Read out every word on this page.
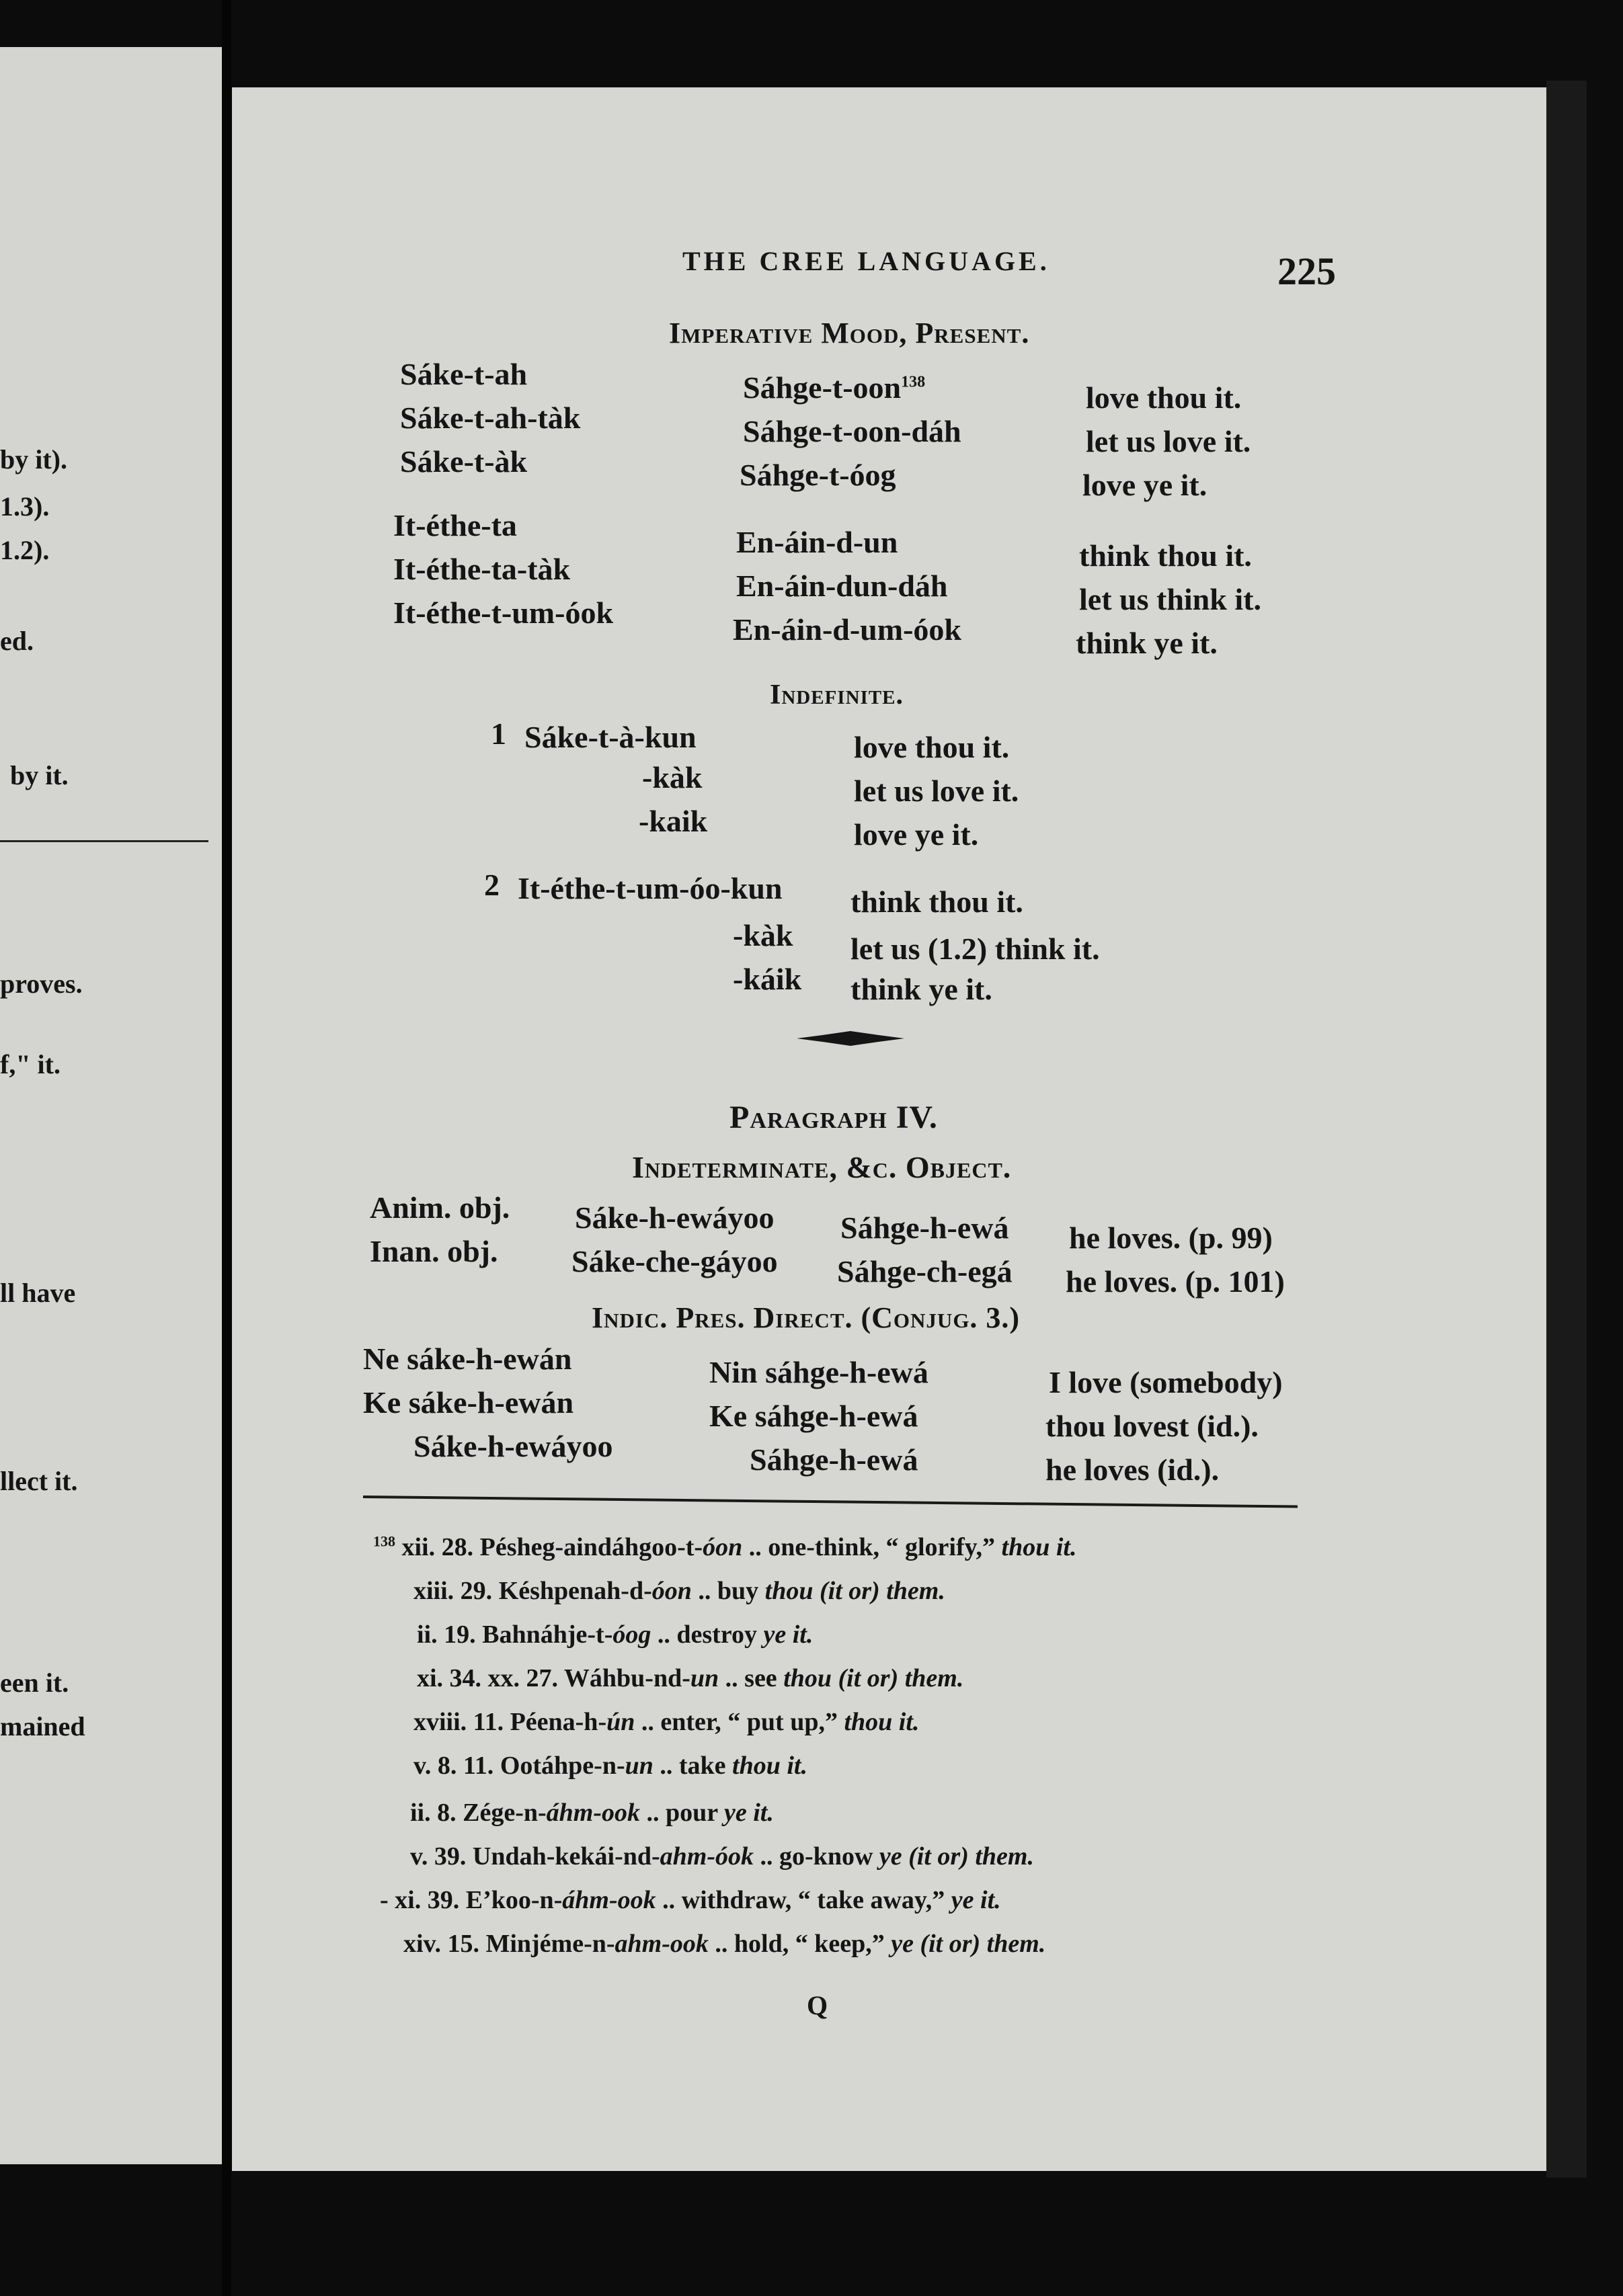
by it).
1.3).
1.2).
ed.
by it.
proves.
f," it.
ll have
llect it.
een it.
mained
THE CREE LANGUAGE.	225
Imperative Mood, Present.
Sáke-t-ah	Sáhge-t-oon$^{138}$	love thou it.
Sáke-t-ah-tàk	Sáhge-t-oon-dáh	let us love it.
Sáke-t-àk	Sáhge-t-óog	love ye it.
It-éthe-ta	En-áin-d-un	think thou it.
It-éthe-ta-tàk	En-áin-dun-dáh	let us think it.
It-éthe-t-um-óok	En-áin-d-um-óok	think ye it.
Indefinite.
1 Sáke-t-à-kun	love thou it.
-kàk	let us love it.
-kaik	love ye it.
2 It-éthe-t-um-óo-kun think thou it.
-kàk let us (1.2) think it.
-káik think ye it.
Paragraph IV.
Indeterminate, &c. Object.
Anim. obj. Sáke-h-ewáyoo Sáhge-h-ewá he loves. (p. 99)
Inan. obj. Sáke-che-gáyoo Sáhge-ch-egá he loves. (p. 101)
Indic. Pres. Direct. (Conjug. 3.)
Ne sáke-h-ewán	Nin sáhge-h-ewá	I love (somebody)
Ke sáke-h-ewán	Ke sáhge-h-ewá	thou lovest (id.).
Sáke-h-ewáyoo	Sáhge-h-ewá	he loves (id.).
$^{138}$ xii. 28. Pésheg-aindáhgoo-t-óon .. one-think, “ glorify,” thou it.
xiii. 29. Késhpenah-d-óon .. buy thou (it or) them.
ii. 19. Bahnáhje-t-óog .. destroy ye it.
xi. 34. xx. 27. Wáhbu-nd-un .. see thou (it or) them.
xviii. 11. Péena-h-ún .. enter, “ put up,” thou it.
v. 8. 11. Ootáhpe-n-un .. take thou it.
ii. 8. Zége-n-áhm-ook .. pour ye it.
v. 39. Undah-kekái-nd-ahm-óok .. go-know ye (it or) them.
- xi. 39. E’koo-n-áhm-ook .. withdraw, “ take away,” ye it.
xiv. 15. Minjéme-n-ahm-ook .. hold, “ keep,” ye (it or) them.
Q
